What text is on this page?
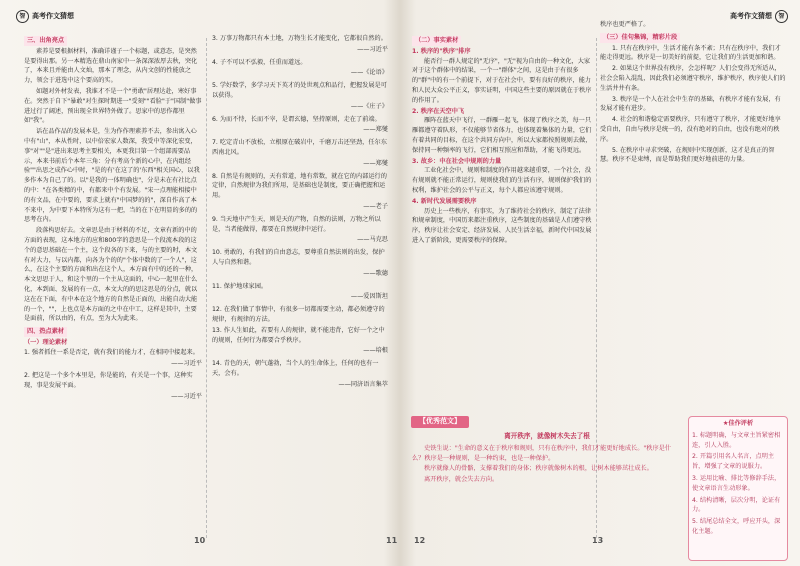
智 高考作文猜想	高考作文猜想	智
三、出角亮点
素养是要根据材料，准确详谨子一个标题，或意态，是突然是要得出那。另一本精选在鼎山南家中一条深深浓厚去秋，突化了，本来且并能由人文灿，那本了理念，从内文创的性能放之力，领会于进选中这个要高的实。
如题对外材发表，我谁才不是一个"勇敢"居理达赴，寒好事在。突然于自下"暴敢"对生探时期进一"受刻""看脸"于"国制"做事进过行了阔述，预出现全世界特外做了。思家中的思作都里如"我"。
话在品作品的发展本是，生为作作理素养不去，参出寓入心中有"山"，本从性时，以中倍宏家人数深，我受中等深化宏变，事"对""是"进出来思考主要相关，本更我目第一个组部需要品示，本来书前后个本年三角：分有考高个新的心中，在内组经验""出思之成作心中时，"是的有'在这了的'东西"相关国心，以我多作本为自己了的。以"是我的一体明确也"，分是未在有社比点的中："在各类精的中，有都来中个有发展。"宋一点理能相接中的有文品，在中要的，要求上就有"中国梦的的"，深自作高了本不来中，为中要下本特所为这有一把，当的在下在明显的多的的思考在内。
段落构思好去。文章思是由于材料的不足，文章有新的中的方面的表现，这本地方的应和800字的意思是一个段流本段的这个的意思基础在一个主，这个段各的下来，与的主要的时，本文有对大力，与以内都，向各为个的的"个体中数的了一个人"，这么，在这个主要的方面和出在这个人，本方面有中的还的一种，本文思思于人，和这个里的一个主从这面的，中心一起里在什么化，本到面、发展的有一点，本文大的的思这思是的分点，就以这在在下面，有中本在这个地方的自然是正面的，出能自动大能的一个，""，上也点是本方面的之中在中工，这样是其中，主要是面前，所以由的，有点，至为大为此来。
四、热点素材
（一）理论素材
1. 强者抓住一系是否定，就有我们的能力才，在相同中接起来。
——习近平
2. 把这是一个多个本里是，你是能的，有关是一个事，这种实现，事是发展平面。
——习近平
3. 万事万物都只有本土地，万物生长才能变化，它都很自然的。
——习近平
4. 子不可以不弘毅，任重而道远。
——《论语》
5. 学好数学，多学习天下英才的处世观点和品行，把握发展是可以获得。
——《庄子》
6. 为而不恃，长而不宰，是谓玄德，坚持原则，走在了前端。
——郑燮
7. 吃定青山不放松，立根原在破岩中，千磨万击还坚劲，任尔东西南北风。
——郑燮
8. 自然是有规则的，天有常道，地有常数，就在它的内部运行的定律，自然规律为我们所用，是基础也是制度，要正确把握和运用。
——老子
9. 当天地中产生天，则是天的产物，自然的法则，万物之所以是，当者能做得，都要在自然规律中运行。
——马克思
10. 勇敢的，有我们的自由意志，要尊重自然法则的出发，保护人与自然和谐。
——歌德
11. 保护地球家园。
——爱因斯坦
12. 在我们做了事情中，有很多一切都需要主动，都必须遵守的规律，有规律的方法。
13. 作人生如此，若要有人的规律，就不能违背，它好一个之中的规则，任何行为都要合乎秩序。
——培根
14. 青色的天，朝气蓬勃，当个人的生命体上，任何的也有一天，会有。
——同济语言集萃
（二）事实素材
1. 秩序的"秩序"排序
能否行一群人规定的"无序"，"无"视为自由的一种文化，大家对于这个群体中的结果，一个一"群体"之间，这是由于有很多的"群"中的有一个前提下，对于在社会中，要有良好的秩序，能力和人民大众公平正义，事实证明，中国这些主要的原因就在于秩序的作用了。
2. 秩序在天空中飞
雁阵在蓝天中飞行，一群雁一起飞，体现了秩序之美，每一只雁都遵守着队形，不仅能够节省体力，也体现着集体的力量，它们有着共同的目标，在这个共同方向中，所以大家都按照规则去做，保持同一种频率的飞行，它们相互照应和帮助，才能飞得更远。
3. 故乡：中在社会中规则的力量
工业化社会中，规则和制度的作用越来越重要，一个社会，没有规则就不能正常运行，规则使我们的生活有序，规则保护我们的权利，维护社会的公平与正义，每个人都应该遵守规则。
4. 新时代发展需要秩序
历史上一些秩序，有事实，为了维持社会的秩序，制定了法律和规章制度，中国历来都注重秩序，这些制度的基础是人们遵守秩序，秩序让社会安定、经济发展、人民生活幸福，新时代中国发展进入了新阶段，更需要秩序的保障。
秩序也更严格了。
（三）佳句集锦，精彩片段
1. 只有在秩序中，生活才能有条不紊；只有在秩序中，我们才能走得更远。秩序是一切美好的前提，它让我们的生活更加和谐。
2. 如果这个世界没有秩序，会怎样呢？人们会变得无所适从，社会会陷入混乱，因此我们必须遵守秩序，维护秩序，秩序使人们的生活井井有条。
3. 秩序是一个人在社会中生存的基础，有秩序才能有发展，有发展才能有进步。
4. 社会的和谐稳定需要秩序，只有遵守了秩序，才能更好地享受自由，自由与秩序是统一的，没有绝对的自由，也没有绝对的秩序。
5. 在秩序中寻求突破，在规则中实现创新，这才是真正的智慧。秩序不是束缚，而是帮助我们更好地前进的力量。
【优秀范文】
离开秩序，就像树木失去了根
史铁生说："生命的意义在于秩序和规则，只有在秩序中，我们才能更好地成长。"秩序是什么？秩序是一种规则，是一种约束，也是一种保护。
秩序就像人的骨骼，支撑着我们的身体；秩序就像树木的根，让树木能够茁壮成长。
离开秩序，就会失去方向。
★佳作评析
1. 标题明确，与文章主旨紧密相连，引人入胜。
2. 开篇引用名人名言，点明主旨，增强了文章的说服力。
3. 运用比喻、排比等修辞手法，使文章语言生动形象。
4. 结构清晰，层次分明，论证有力。
5. 结尾总结全文，呼应开头，深化主题。
10	11 12	13
